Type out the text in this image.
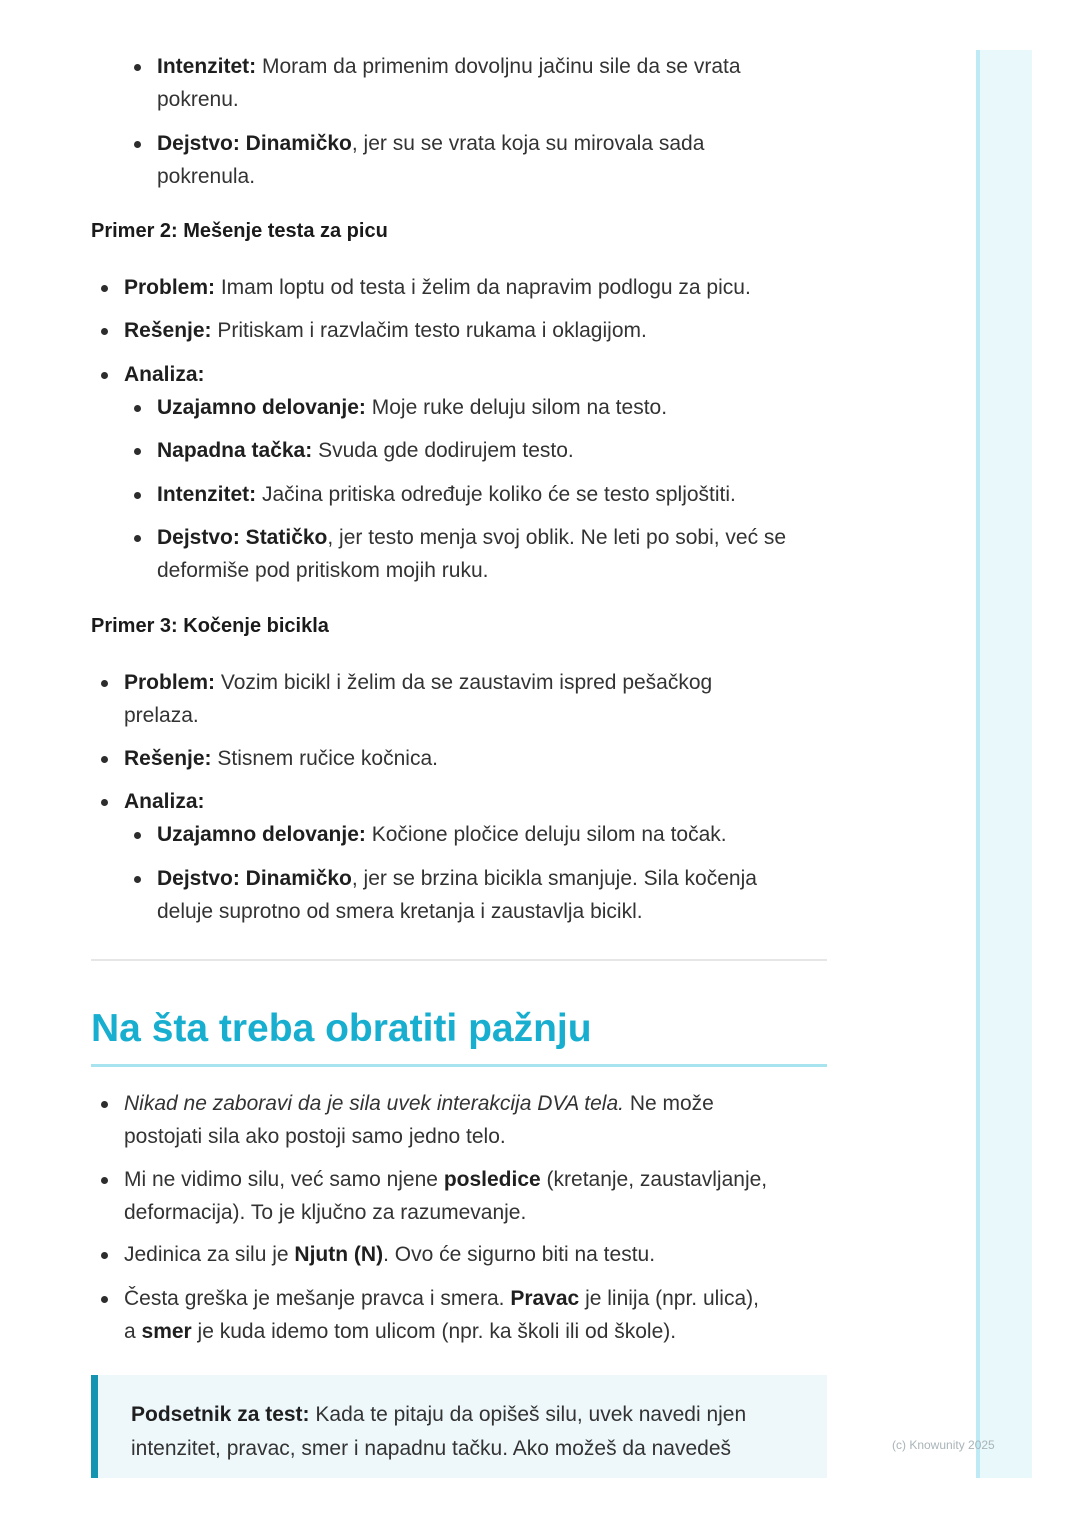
Intenzitet: Moram da primenim dovoljnu jačinu sile da se vrata
pokrenu.
Dejstvo: Dinamičko, jer su se vrata koja su mirovala sada
pokrenula.
Primer 2: Mešenje testa za picu
Problem: Imam loptu od testa i želim da napravim podlogu za picu.
Rešenje: Pritiskam i razvlačim testo rukama i oklagijom.
Analiza:
Uzajamno delovanje: Moje ruke deluju silom na testo.
Napadna tačka: Svuda gde dodirujem testo.
Intenzitet: Jačina pritiska određuje koliko će se testo spljoštiti.
Dejstvo: Statičko, jer testo menja svoj oblik. Ne leti po sobi, već se
deformiše pod pritiskom mojih ruku.
Primer 3: Kočenje bicikla
Problem: Vozim bicikl i želim da se zaustavim ispred pešačkog
prelaza.
Rešenje: Stisnem ručice kočnica.
Analiza:
Uzajamno delovanje: Kočione pločice deluju silom na točak.
Dejstvo: Dinamičko, jer se brzina bicikla smanjuje. Sila kočenja
deluje suprotno od smera kretanja i zaustavlja bicikl.
Na šta treba obratiti pažnju
Nikad ne zaboravi da je sila uvek interakcija DVA tela. Ne može
postojati sila ako postoji samo jedno telo.
Mi ne vidimo silu, već samo njene posledice (kretanje, zaustavljanje,
deformacija). To je ključno za razumevanje.
Jedinica za silu je Njutn (N). Ovo će sigurno biti na testu.
Česta greška je mešanje pravca i smera. Pravac je linija (npr. ulica),
a smer je kuda idemo tom ulicom (npr. ka školi ili od škole).
Podsetnik za test: Kada te pitaju da opišeš silu, uvek navedi njen
intenzitet, pravac, smer i napadnu tačku. Ako možeš da navedeš	(c) Knowunity 2025
